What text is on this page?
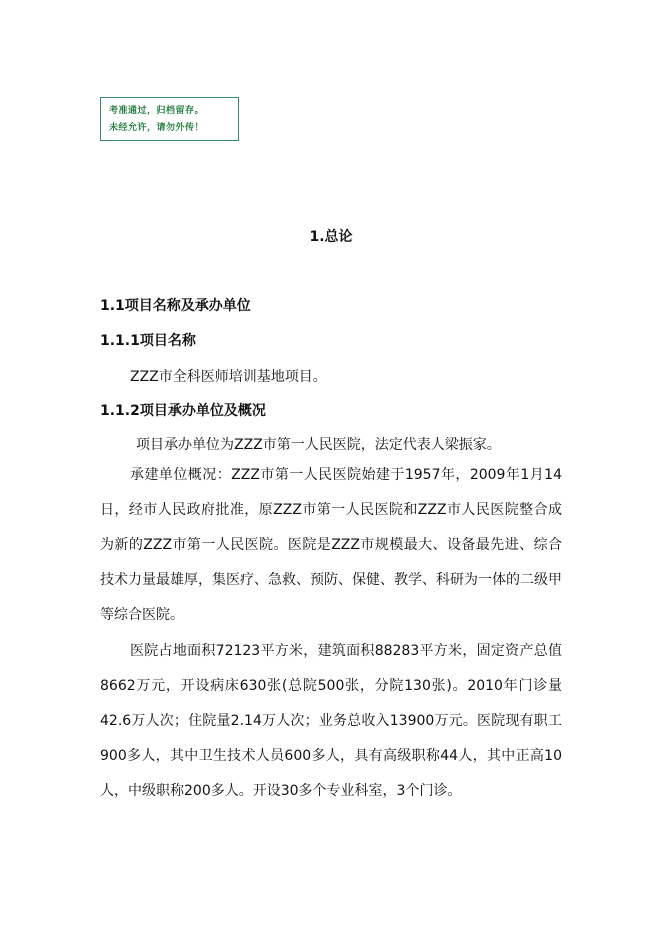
考准通过，归档留存。
未经允许，请勿外传！
1.总论
1.1项目名称及承办单位
1.1.1项目名称
ZZZ市全科医师培训基地项目。
1.1.2项目承办单位及概况
项目承办单位为ZZZ市第一人民医院，法定代表人梁振家。
承建单位概况：ZZZ市第一人民医院始建于1957年，2009年1月14日，经市人民政府批准，原ZZZ市第一人民医院和ZZZ市人民医院整合成为新的ZZZ市第一人民医院。医院是ZZZ市规模最大、设备最先进、综合技术力量最雄厚，集医疗、急救、预防、保健、教学、科研为一体的二级甲等综合医院。
医院占地面积72123平方米，建筑面积88283平方米，固定资产总值8662万元，开设病床630张(总院500张，分院130张)。2010年门诊量42.6万人次；住院量2.14万人次；业务总收入13900万元。医院现有职工900多人，其中卫生技术人员600多人，具有高级职称44人，其中正高10人，中级职称200多人。开设30多个专业科室，3个门诊。
